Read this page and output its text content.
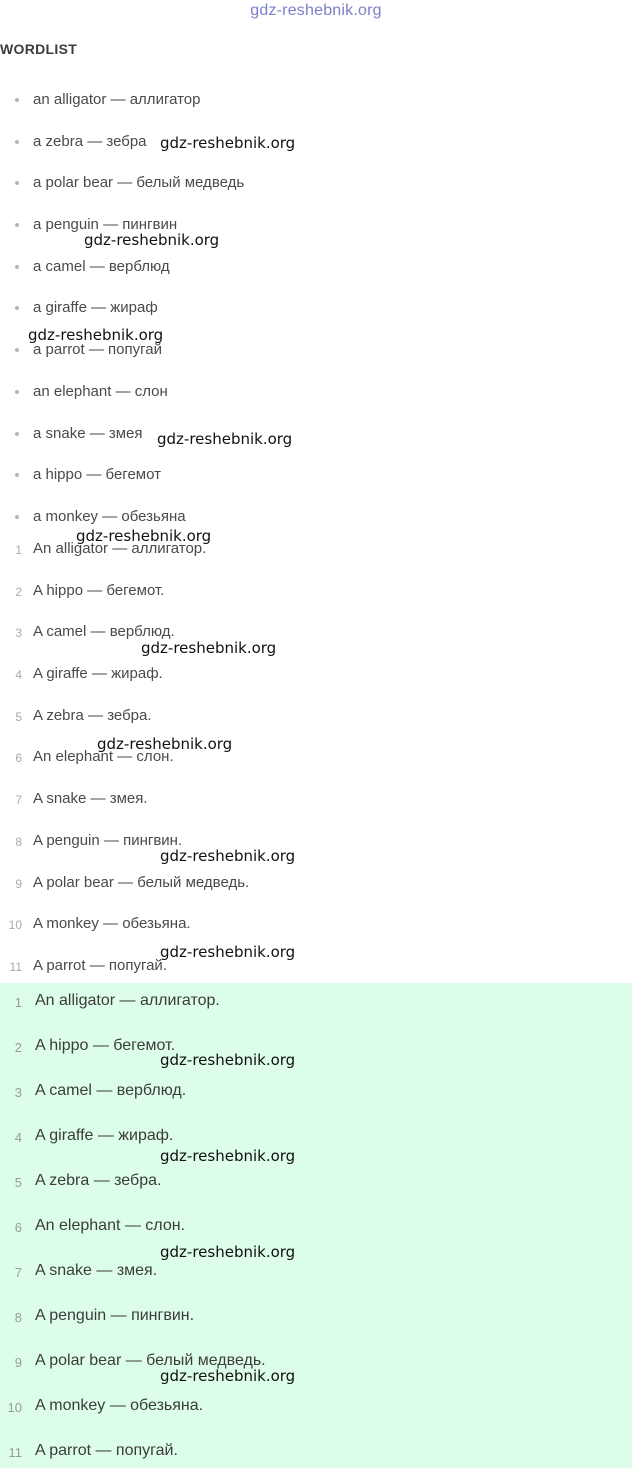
gdz-reshebnik.org
WORDLIST
an alligator — аллигатор
a zebra — зебра
a polar bear — белый медведь
a penguin — пингвин
a camel — верблюд
a giraffe — жираф
a parrot — попугай
an elephant — слон
a snake — змея
a hippo — бегемот
a monkey — обезьяна
1 An alligator — аллигатор.
2 A hippo — бегемот.
3 A camel — верблюд.
4 A giraffe — жираф.
5 A zebra — зебра.
6 An elephant — слон.
7 A snake — змея.
8 A penguin — пингвин.
9 A polar bear — белый медведь.
10 A monkey — обезьяна.
11 A parrot — попугай.
1 An alligator — аллигатор.
2 A hippo — бегемот.
3 A camel — верблюд.
4 A giraffe — жираф.
5 A zebra — зебра.
6 An elephant — слон.
7 A snake — змея.
8 A penguin — пингвин.
9 A polar bear — белый медведь.
10 A monkey — обезьяна.
11 A parrot — попугай.
gdz-reshebnik.org
gdz-reshebnik.org
gdz-reshebnik.org
gdz-reshebnik.org
gdz-reshebnik.org
gdz-reshebnik.org
gdz-reshebnik.org
gdz-reshebnik.org
gdz-reshebnik.org
gdz-reshebnik.org
gdz-reshebnik.org
gdz-reshebnik.org
gdz-reshebnik.org
